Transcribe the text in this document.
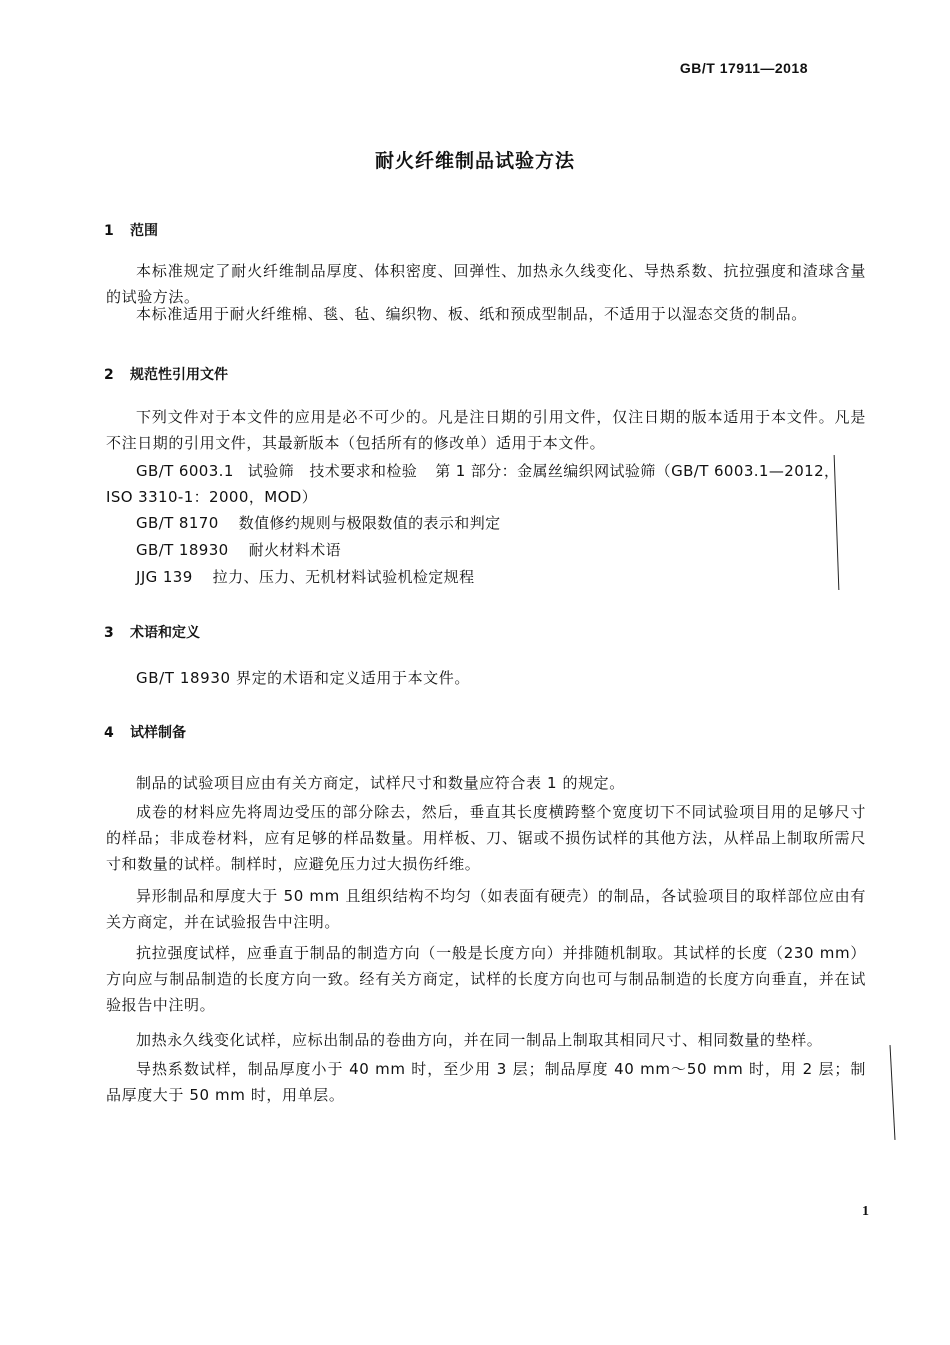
GB/T 17911—2018
耐火纤维制品试验方法
1 范围
本标准规定了耐火纤维制品厚度、体积密度、回弹性、加热永久线变化、导热系数、抗拉强度和渣球含量的试验方法。
本标准适用于耐火纤维棉、毯、毡、编织物、板、纸和预成型制品，不适用于以湿态交货的制品。
2 规范性引用文件
下列文件对于本文件的应用是必不可少的。凡是注日期的引用文件，仅注日期的版本适用于本文件。凡是不注日期的引用文件，其最新版本（包括所有的修改单）适用于本文件。
GB/T 6003.1 试验筛　技术要求和检验 第 1 部分：金属丝编织网试验筛（GB/T 6003.1—2012，
ISO 3310-1：2000，MOD）
GB/T 8170 数值修约规则与极限数值的表示和判定
GB/T 18930 耐火材料术语
JJG 139 拉力、压力、无机材料试验机检定规程
3 术语和定义
GB/T 18930 界定的术语和定义适用于本文件。
4 试样制备
制品的试验项目应由有关方商定，试样尺寸和数量应符合表 1 的规定。
成卷的材料应先将周边受压的部分除去，然后，垂直其长度横跨整个宽度切下不同试验项目用的足够尺寸的样品；非成卷材料，应有足够的样品数量。用样板、刀、锯或不损伤试样的其他方法，从样品上制取所需尺寸和数量的试样。制样时，应避免压力过大损伤纤维。
异形制品和厚度大于 50 mm 且组织结构不均匀（如表面有硬壳）的制品，各试验项目的取样部位应由有关方商定，并在试验报告中注明。
抗拉强度试样，应垂直于制品的制造方向（一般是长度方向）并排随机制取。其试样的长度（230 mm）方向应与制品制造的长度方向一致。经有关方商定，试样的长度方向也可与制品制造的长度方向垂直，并在试验报告中注明。
加热永久线变化试样，应标出制品的卷曲方向，并在同一制品上制取其相同尺寸、相同数量的垫样。
导热系数试样，制品厚度小于 40 mm 时，至少用 3 层；制品厚度 40 mm～50 mm 时，用 2 层；制品厚度大于 50 mm 时，用单层。
1
